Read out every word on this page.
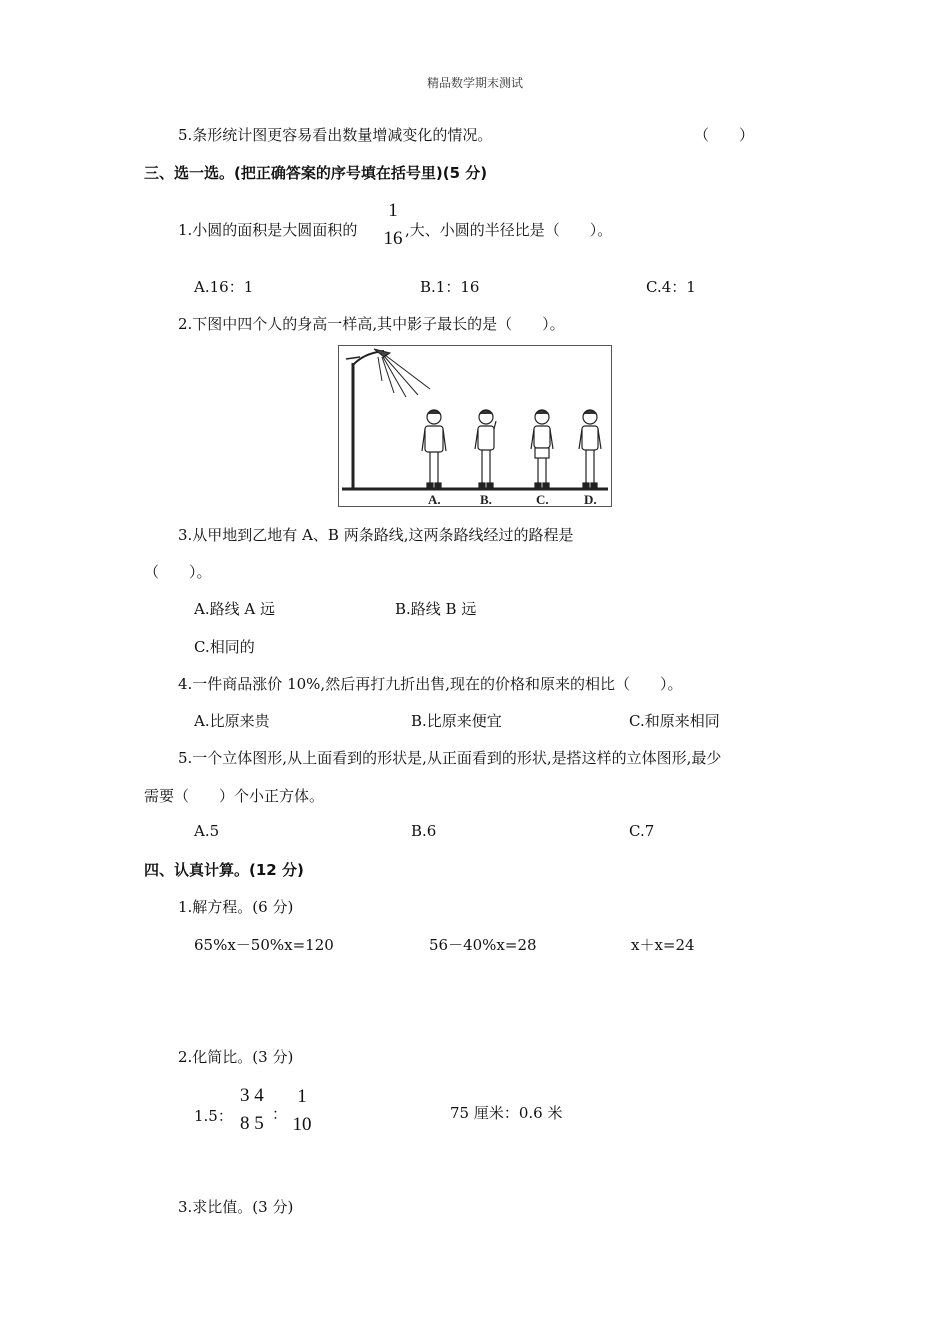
精品数学期末测试
5.条形统计图更容易看出数量增减变化的情况。	（　　）
三、选一选。(把正确答案的序号填在括号里)(5 分)
1.小圆的面积是大圆面积的
1
16 ,大、小圆的半径比是（　　）。
A.16：1	B.1：16	C.4：1
2.下图中四个人的身高一样高,其中影子最长的是（　　）。
A.	B.	C.	D.
3.从甲地到乙地有 A、B 两条路线,这两条路线经过的路程是
（　　）。
A.路线 A 远	B.路线 B 远
C.相同的
4.一件商品涨价 10%,然后再打九折出售,现在的价格和原来的相比（　　）。
A.比原来贵	B.比原来便宜	C.和原来相同
5.一个立体图形,从上面看到的形状是,从正面看到的形状,是搭这样的立体图形,最少
需要（　　）个小正方体。
A.5	B.6	C.7
四、认真计算。(12 分)
1.解方程。(6 分)
65%x－50%x=120	56－40%x=28	x＋x=24
2.化简比。(3 分)
1.5：
3 4
8 5 ：
1
10
75 厘米：0.6 米
3.求比值。(3 分)
